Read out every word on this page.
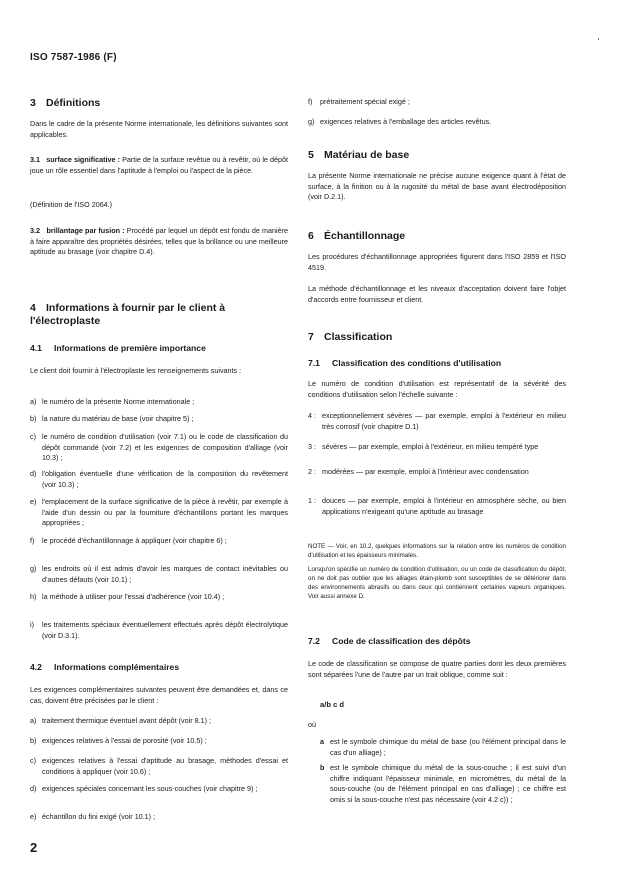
ISO 7587-1986 (F)
3 Définitions
Dans le cadre de la présente Norme internationale, les définitions suivantes sont applicables.
3.1 surface significative : Partie de la surface revêtue ou à revêtir, où le dépôt joue un rôle essentiel dans l'aptitude à l'emploi ou l'aspect de la pièce.
(Définition de l'ISO 2064.)
3.2 brillantage par fusion : Procédé par lequel un dépôt est fondu de manière à faire apparaître des propriétés désirées, telles que la brillance ou une meilleure aptitude au brasage (voir chapitre D.4).
4 Informations à fournir par le client à
l'électroplaste
4.1 Informations de première importance
Le client doit fournir à l'électroplaste les renseignements suivants :
a) le numéro de la présente Norme internationale ;
b) la nature du matériau de base (voir chapitre 5) ;
c) le numéro de condition d'utilisation (voir 7.1) ou le code de classification du dépôt commandé (voir 7.2) et les exigences de composition d'alliage (voir 10.3) ;
d) l'obligation éventuelle d'une vérification de la composition du revêtement (voir 10.3) ;
e) l'emplacement de la surface significative de la pièce à revêtir, par exemple à l'aide d'un dessin ou par la fourniture d'échantillons portant les marques appropriées ;
f) le procédé d'échantillonnage à appliquer (voir chapitre 6) ;
g) les endroits où il est admis d'avoir les marques de contact inévitables ou d'autres défauts (voir 10.1) ;
h) la méthode à utiliser pour l'essai d'adhérence (voir 10.4) ;
i) les traitements spéciaux éventuellement effectués après dépôt électrolytique (voir D.3.1).
4.2 Informations complémentaires
Les exigences complémentaires suivantes peuvent être demandées et, dans ce cas, doivent être précisées par le client :
a) traitement thermique éventuel avant dépôt (voir 8.1) ;
b) exigences relatives à l'essai de porosité (voir 10.5) ;
c) exigences relatives à l'essai d'aptitude au brasage, méthodes d'essai et conditions à appliquer (voir 10.6) ;
d) exigences spéciales concernant les sous-couches (voir chapitre 9) ;
e) échantillon du fini exigé (voir 10.1) ;
f) prétraitement spécial exigé ;
g) exigences relatives à l'emballage des articles revêtus.
5 Matériau de base
La présente Norme internationale ne précise aucune exigence quant à l'état de surface, à la finition ou à la rugosité du métal de base avant électrodéposition (voir D.2.1).
6 Échantillonnage
Les procédures d'échantillonnage appropriées figurent dans l'ISO 2859 et l'ISO 4519.
La méthode d'échantillonnage et les niveaux d'acceptation doivent faire l'objet d'accords entre fournisseur et client.
7 Classification
7.1 Classification des conditions d'utilisation
Le numéro de condition d'utilisation est représentatif de la sévérité des conditions d'utilisation selon l'échelle suivante :
4 : exceptionnellement sévères — par exemple, emploi à l'extérieur en milieu très corrosif (voir chapitre D.1)
3 : sévères — par exemple, emploi à l'extérieur, en milieu tempéré type
2 : modérées — par exemple, emploi à l'intérieur avec condensation
1 : douces — par exemple, emploi à l'intérieur en atmosphère sèche, ou bien applications n'exigeant qu'une aptitude au brasage
NOTE — Voir, en 10.2, quelques informations sur la relation entre les numéros de condition d'utilisation et les épaisseurs minimales.
Lorsqu'on spécifie un numéro de condition d'utilisation, ou un code de classification du dépôt, on ne doit pas oublier que les alliages étain-plomb sont susceptibles de se détériorer dans des environnements abrasifs ou dans ceux qui contiennent certaines vapeurs organiques. Voir aussi annexe D.
7.2 Code de classification des dépôts
Le code de classification se compose de quatre parties dont les deux premières sont séparées l'une de l'autre par un trait oblique, comme suit :
a/b c d
où
a est le symbole chimique du métal de base (ou l'élément principal dans le cas d'un alliage) ;
b est le symbole chimique du métal de la sous-couche ; il est suivi d'un chiffre indiquant l'épaisseur minimale, en micromètres, du métal de la sous-couche (ou de l'élément principal en cas d'alliage) ; ce chiffre est omis si la sous-couche n'est pas nécessaire (voir 4.2 c)) ;
2
